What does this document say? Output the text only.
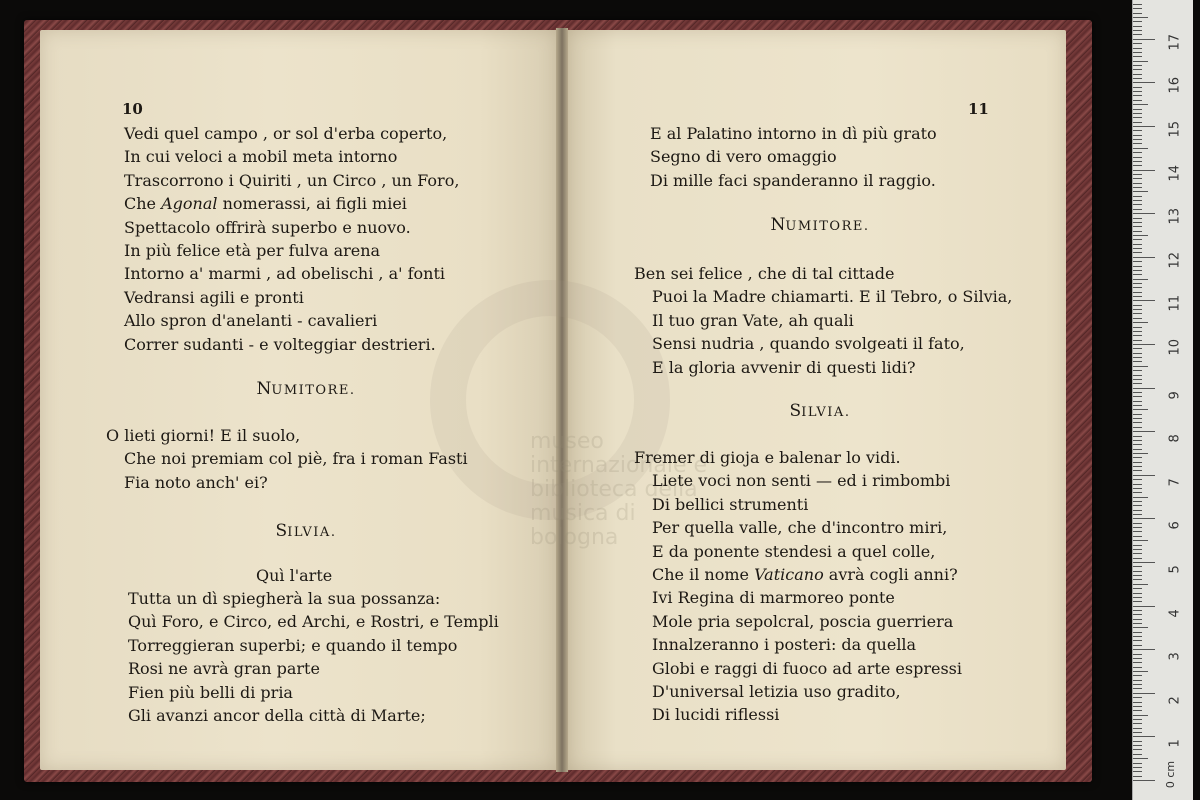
museo internazionale e biblioteca della musica di bologna
10
Vedi quel campo , or sol d'erba coperto,
In cui veloci a mobil meta intorno
Trascorrono i Quiriti , un Circo , un Foro,
Che Agonal nomerassi, ai figli miei
Spettacolo offrirà superbo e nuovo.
In più felice età per fulva arena
Intorno a' marmi , ad obelischi , a' fonti
Vedransi agili e pronti
Allo spron d'anelanti - cavalieri
Correr sudanti - e volteggiar destrieri.
NUMITORE.
O lieti giorni! E il suolo,
Che noi premiam col piè, fra i roman Fasti
Fia noto anch' ei?
SILVIA.
Quì l'arte
Tutta un dì spiegherà la sua possanza:
Quì Foro, e Circo, ed Archi, e Rostri, e Templi
Torreggieran superbi; e quando il tempo
Rosi ne avrà gran parte
Fien più belli di pria
Gli avanzi ancor della città di Marte;
11
E al Palatino intorno in dì più grato
Segno di vero omaggio
Di mille faci spanderanno il raggio.
NUMITORE.
Ben sei felice , che di tal cittade
Puoi la Madre chiamarti. E il Tebro, o Silvia,
Il tuo gran Vate, ah quali
Sensi nudria , quando svolgeati il fato,
E la gloria avvenir di questi lidi?
SILVIA.
Fremer di gioja e balenar lo vidi.
Liete voci non senti — ed i rimbombi
Di bellici strumenti
Per quella valle, che d'incontro miri,
E da ponente stendesi a quel colle,
Che il nome Vaticano avrà cogli anni?
Ivi Regina di marmoreo ponte
Mole pria sepolcral, poscia guerriera
Innalzeranno i posteri: da quella
Globi e raggi di fuoco ad arte espressi
D'universal letizia uso gradito,
Di lucidi riflessi
0 cm
1
2
3
4
5
6
7
8
9
10
11
12
13
14
15
16
17
